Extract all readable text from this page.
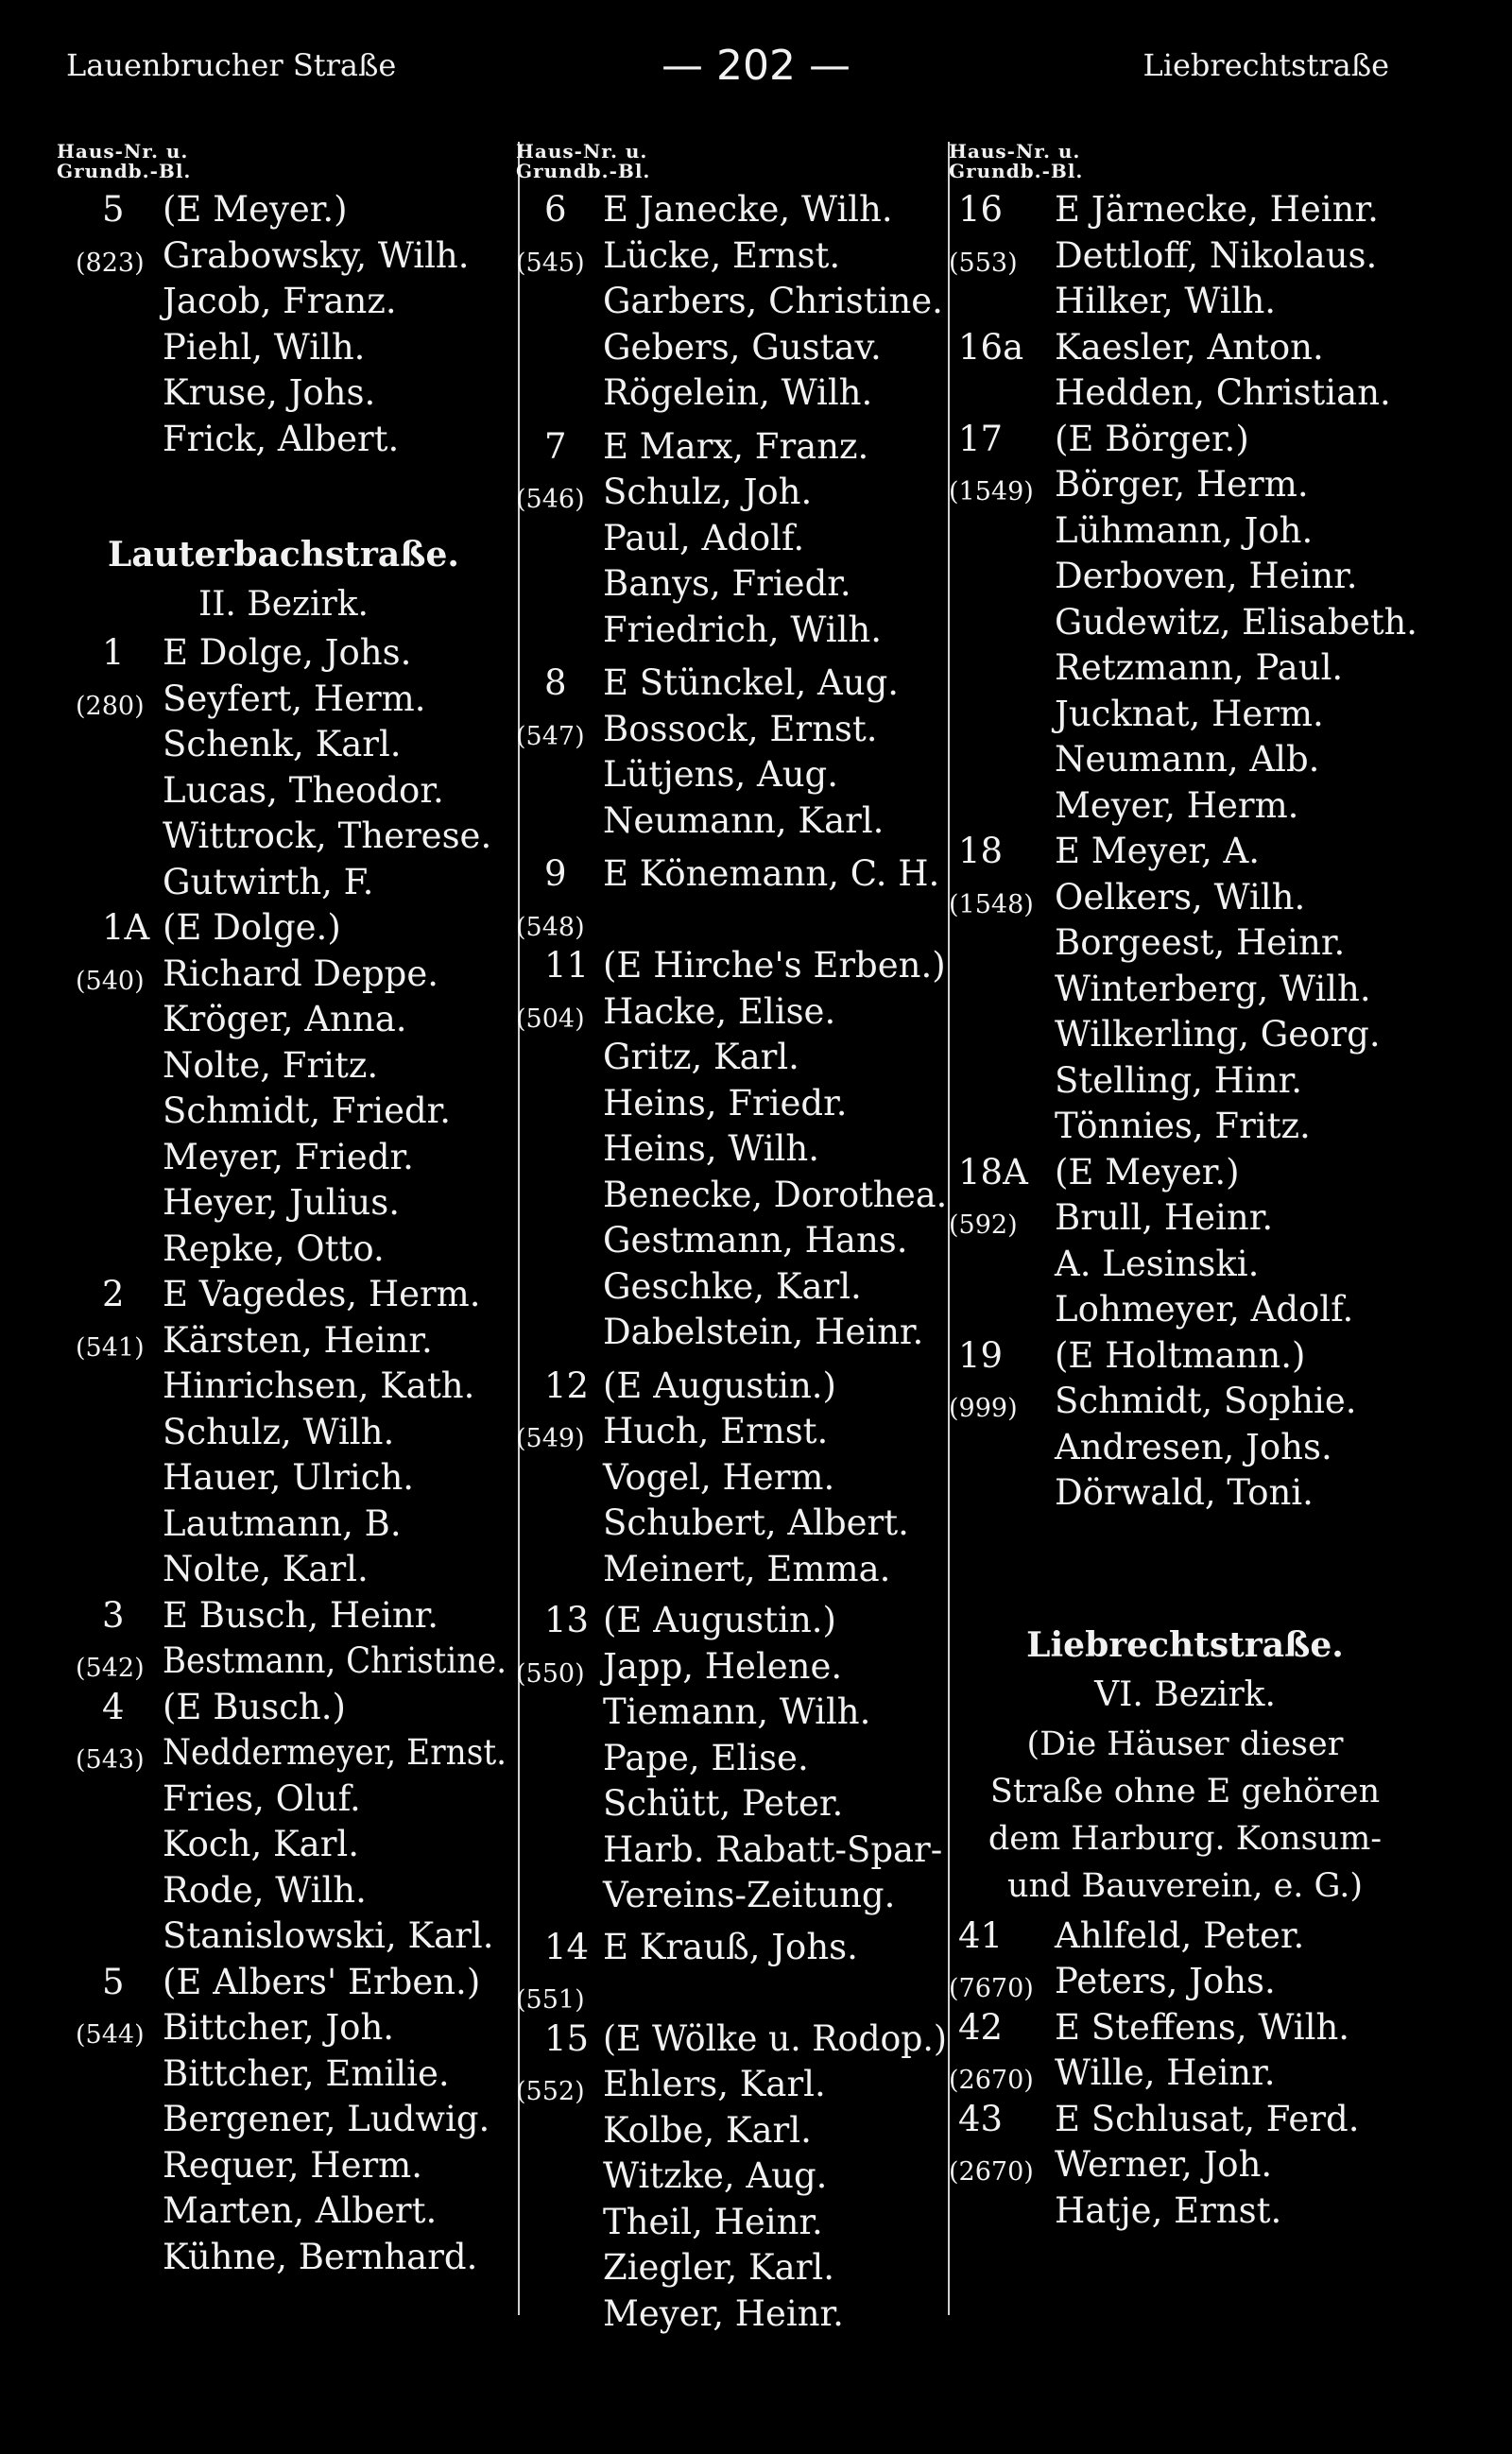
Lauenbrucher Straße	— 202 —	Liebrechtstraße
Haus-Nr. u.
Grundb.-Bl.
5 (E Meyer.)
(823) Grabowsky, Wilh.
Jacob, Franz.
Piehl, Wilh.
Kruse, Johs.
Frick, Albert.
Lauterbachstraße.
II. Bezirk.
1 E Dolge, Johs.
(280) Seyfert, Herm.
Schenk, Karl.
Lucas, Theodor.
Wittrock, Therese.
Gutwirth, F.
1A (E Dolge.)
(540) Richard Deppe.
Kröger, Anna.
Nolte, Fritz.
Schmidt, Friedr.
Meyer, Friedr.
Heyer, Julius.
Repke, Otto.
2 E Vagedes, Herm.
(541) Kärsten, Heinr.
Hinrichsen, Kath.
Schulz, Wilh.
Hauer, Ulrich.
Lautmann, B.
Nolte, Karl.
3 E Busch, Heinr.
(542) Bestmann, Christine.
4 (E Busch.)
(543) Neddermeyer, Ernst.
Fries, Oluf.
Koch, Karl.
Rode, Wilh.
Stanislowski, Karl.
5 (E Albers' Erben.)
(544) Bittcher, Joh.
Bittcher, Emilie.
Bergener, Ludwig.
Requer, Herm.
Marten, Albert.
Kühne, Bernhard.
Haus-Nr. u.
Grundb.-Bl.
6 E Janecke, Wilh.
(545) Lücke, Ernst.
Garbers, Christine.
Gebers, Gustav.
Rögelein, Wilh.
7 E Marx, Franz.
(546) Schulz, Joh.
Paul, Adolf.
Banys, Friedr.
Friedrich, Wilh.
8 E Stünckel, Aug.
(547) Bossock, Ernst.
Lütjens, Aug.
Neumann, Karl.
9 E Könemann, C. H.
(548)
11 (E Hirche's Erben.)
(504) Hacke, Elise.
Gritz, Karl.
Heins, Friedr.
Heins, Wilh.
Benecke, Dorothea.
Gestmann, Hans.
Geschke, Karl.
Dabelstein, Heinr.
12 (E Augustin.)
(549) Huch, Ernst.
Vogel, Herm.
Schubert, Albert.
Meinert, Emma.
13 (E Augustin.)
(550) Japp, Helene.
Tiemann, Wilh.
Pape, Elise.
Schütt, Peter.
Harb. Rabatt-Spar-
Vereins-Zeitung.
14 E Krauß, Johs.
(551)
15 (E Wölke u. Rodop.)
(552) Ehlers, Karl.
Kolbe, Karl.
Witzke, Aug.
Theil, Heinr.
Ziegler, Karl.
Meyer, Heinr.
Haus-Nr. u.
Grundb.-Bl.
16 E Järnecke, Heinr.
(553) Dettloff, Nikolaus.
Hilker, Wilh.
16a Kaesler, Anton.
Hedden, Christian.
17 (E Börger.)
(1549) Börger, Herm.
Lühmann, Joh.
Derboven, Heinr.
Gudewitz, Elisabeth.
Retzmann, Paul.
Jucknat, Herm.
Neumann, Alb.
Meyer, Herm.
18 E Meyer, A.
(1548) Oelkers, Wilh.
Borgeest, Heinr.
Winterberg, Wilh.
Wilkerling, Georg.
Stelling, Hinr.
Tönnies, Fritz.
18A (E Meyer.)
(592) Brull, Heinr.
A. Lesinski.
Lohmeyer, Adolf.
19 (E Holtmann.)
(999) Schmidt, Sophie.
Andresen, Johs.
Dörwald, Toni.
Liebrechtstraße.
VI. Bezirk.
(Die Häuser dieser
Straße ohne E gehören
dem Harburg. Konsum-
und Bauverein, e. G.)
41 Ahlfeld, Peter.
(7670) Peters, Johs.
42 E Steffens, Wilh.
(2670) Wille, Heinr.
43 E Schlusat, Ferd.
(2670) Werner, Joh.
Hatje, Ernst.
